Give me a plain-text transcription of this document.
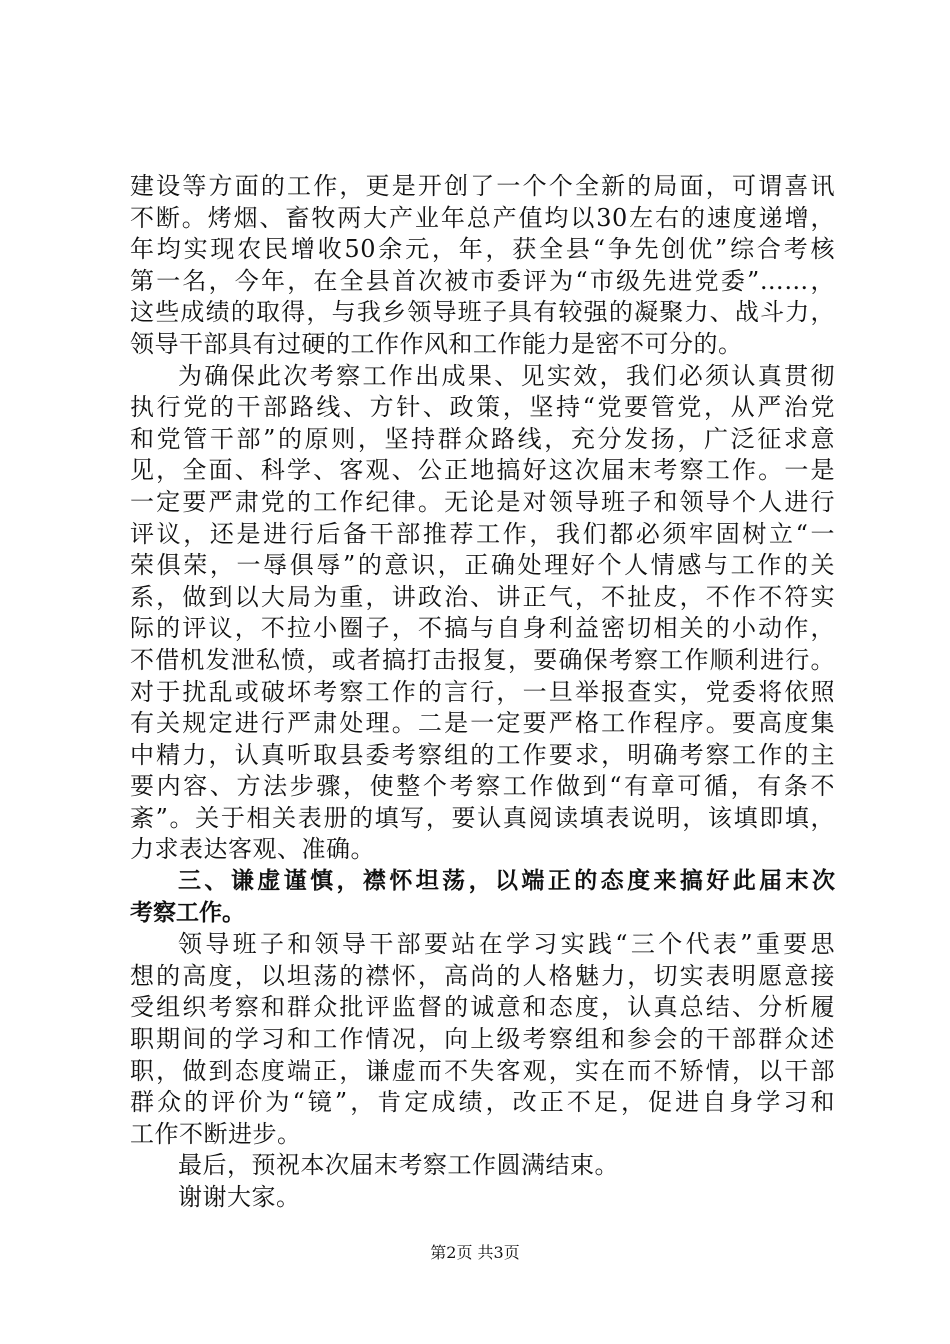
建设等方面的工作，更是开创了一个个全新的局面，可谓喜讯
不断。烤烟、畜牧两大产业年总产值均以30左右的速度递增，
年均实现农民增收50余元，年，获全县“争先创优”综合考核
第一名，今年，在全县首次被市委评为“市级先进党委”……，
这些成绩的取得，与我乡领导班子具有较强的凝聚力、战斗力，
领导干部具有过硬的工作作风和工作能力是密不可分的。
为确保此次考察工作出成果、见实效，我们必须认真贯彻
执行党的干部路线、方针、政策，坚持“党要管党，从严治党
和党管干部”的原则，坚持群众路线，充分发扬，广泛征求意
见，全面、科学、客观、公正地搞好这次届末考察工作。一是
一定要严肃党的工作纪律。无论是对领导班子和领导个人进行
评议，还是进行后备干部推荐工作，我们都必须牢固树立“一
荣俱荣，一辱俱辱”的意识，正确处理好个人情感与工作的关
系，做到以大局为重，讲政治、讲正气，不扯皮，不作不符实
际的评议，不拉小圈子，不搞与自身利益密切相关的小动作，
不借机发泄私愤，或者搞打击报复，要确保考察工作顺利进行。
对于扰乱或破坏考察工作的言行，一旦举报查实，党委将依照
有关规定进行严肃处理。二是一定要严格工作程序。要高度集
中精力，认真听取县委考察组的工作要求，明确考察工作的主
要内容、方法步骤，使整个考察工作做到“有章可循，有条不
紊”。关于相关表册的填写，要认真阅读填表说明，该填即填，
力求表达客观、准确。
三、谦虚谨慎，襟怀坦荡，以端正的态度来搞好此届末次
考察工作。
领导班子和领导干部要站在学习实践“三个代表”重要思
想的高度，以坦荡的襟怀，高尚的人格魅力，切实表明愿意接
受组织考察和群众批评监督的诚意和态度，认真总结、分析履
职期间的学习和工作情况，向上级考察组和参会的干部群众述
职，做到态度端正，谦虚而不失客观，实在而不矫情，以干部
群众的评价为“镜”，肯定成绩，改正不足，促进自身学习和
工作不断进步。
最后，预祝本次届末考察工作圆满结束。
谢谢大家。
第2页 共3页
